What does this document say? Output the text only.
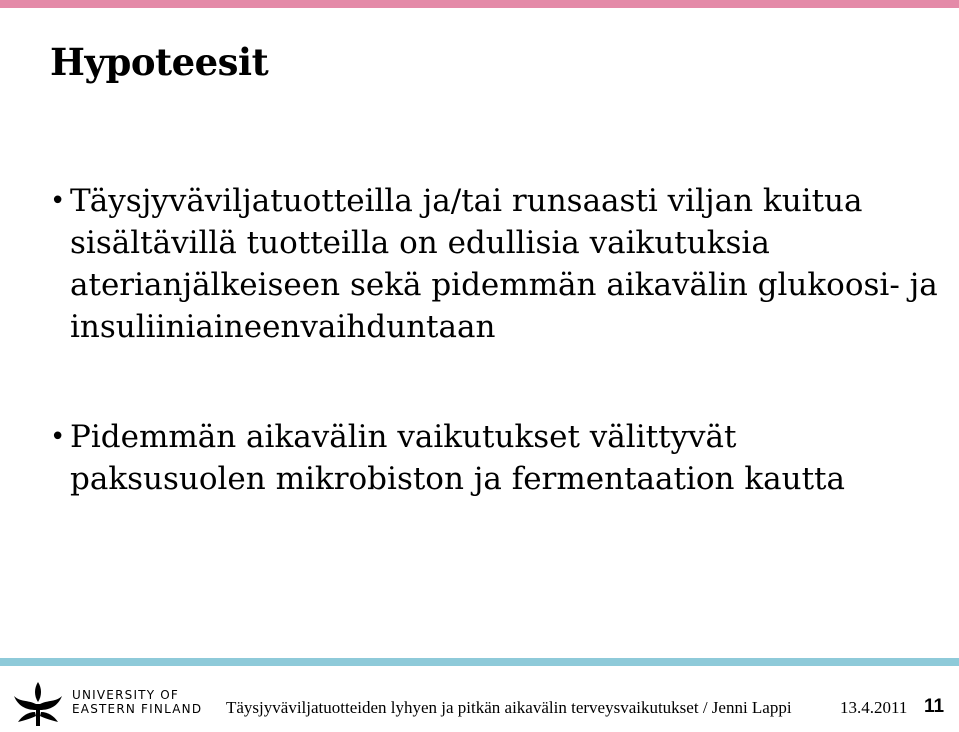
Hypoteesit
• Täysjyväviljatuotteilla ja/tai runsaasti viljan kuitua sisältävillä tuotteilla on edullisia vaikutuksia aterianjälkeiseen sekä pidemmän aikavälin glukoosi- ja insuliiniaineenvaihduntaan
• Pidemmän aikavälin vaikutukset välittyvät paksusuolen mikrobiston ja fermentaation kautta
UNIVERSITY OF
EASTERN FINLAND Täysjyväviljatuotteiden lyhyen ja pitkän aikavälin terveysvaikutukset / Jenni Lappi	13.4.2011 11
